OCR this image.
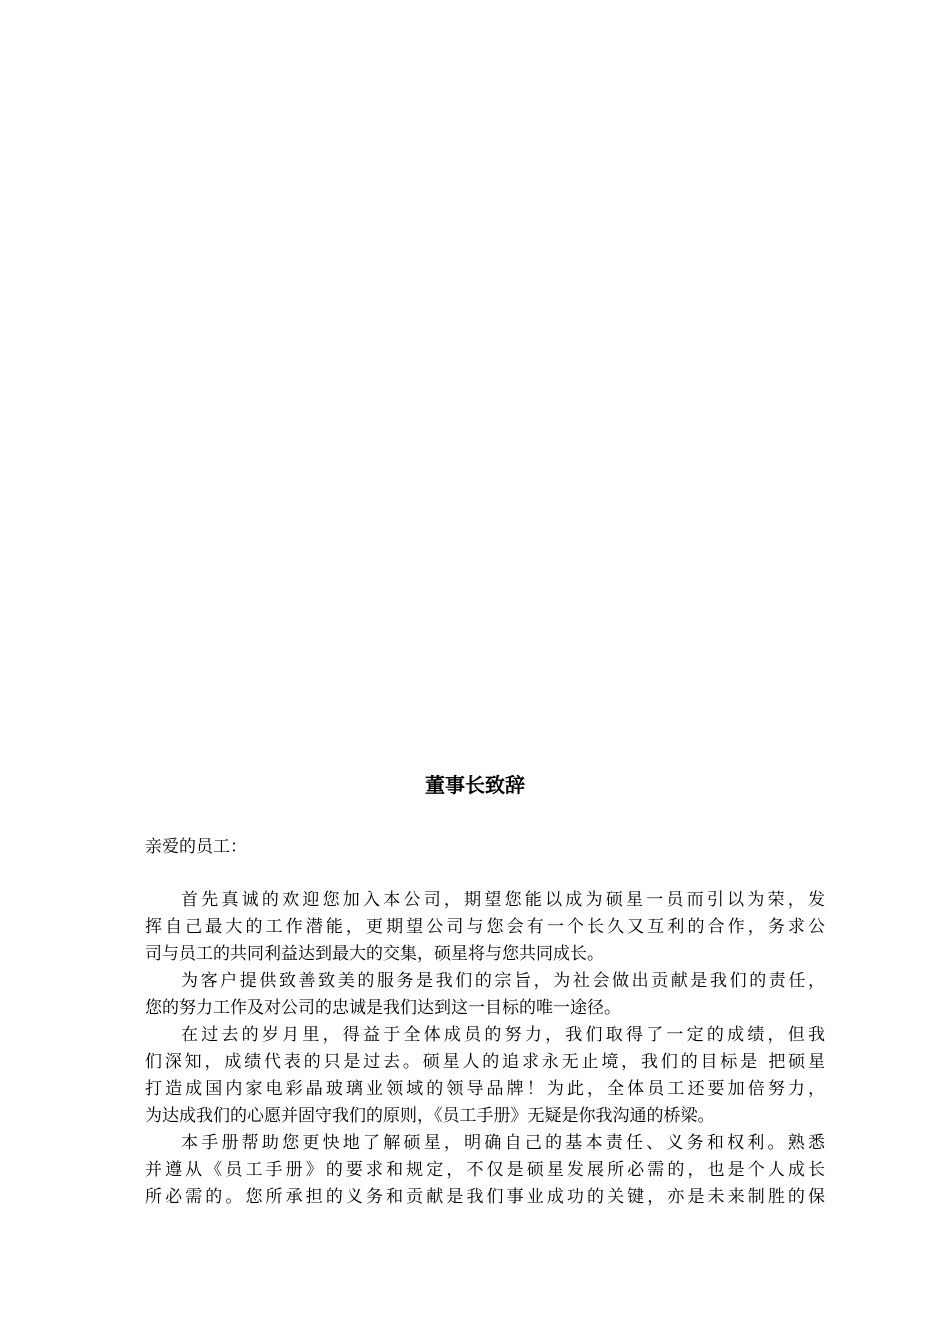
董事长致辞
亲爱的员工：
首先真诚的欢迎您加入本公司，期望您能以成为硕星一员而引以为荣，发
挥自己最大的工作潜能，更期望公司与您会有一个长久又互利的合作，务求公
司与员工的共同利益达到最大的交集，硕星将与您共同成长。
为客户提供致善致美的服务是我们的宗旨，为社会做出贡献是我们的责任，
您的努力工作及对公司的忠诚是我们达到这一目标的唯一途径。
在过去的岁月里，得益于全体成员的努力，我们取得了一定的成绩，但我
们深知，成绩代表的只是过去。硕星人的追求永无止境，我们的目标是 把硕星
打造成国内家电彩晶玻璃业领域的领导品牌！为此，全体员工还要加倍努力，
为达成我们的心愿并固守我们的原则，《员工手册》无疑是你我沟通的桥梁。
本手册帮助您更快地了解硕星，明确自己的基本责任、义务和权利。熟悉
并遵从《员工手册》的要求和规定，不仅是硕星发展所必需的，也是个人成长
所必需的。您所承担的义务和贡献是我们事业成功的关键，亦是未来制胜的保
